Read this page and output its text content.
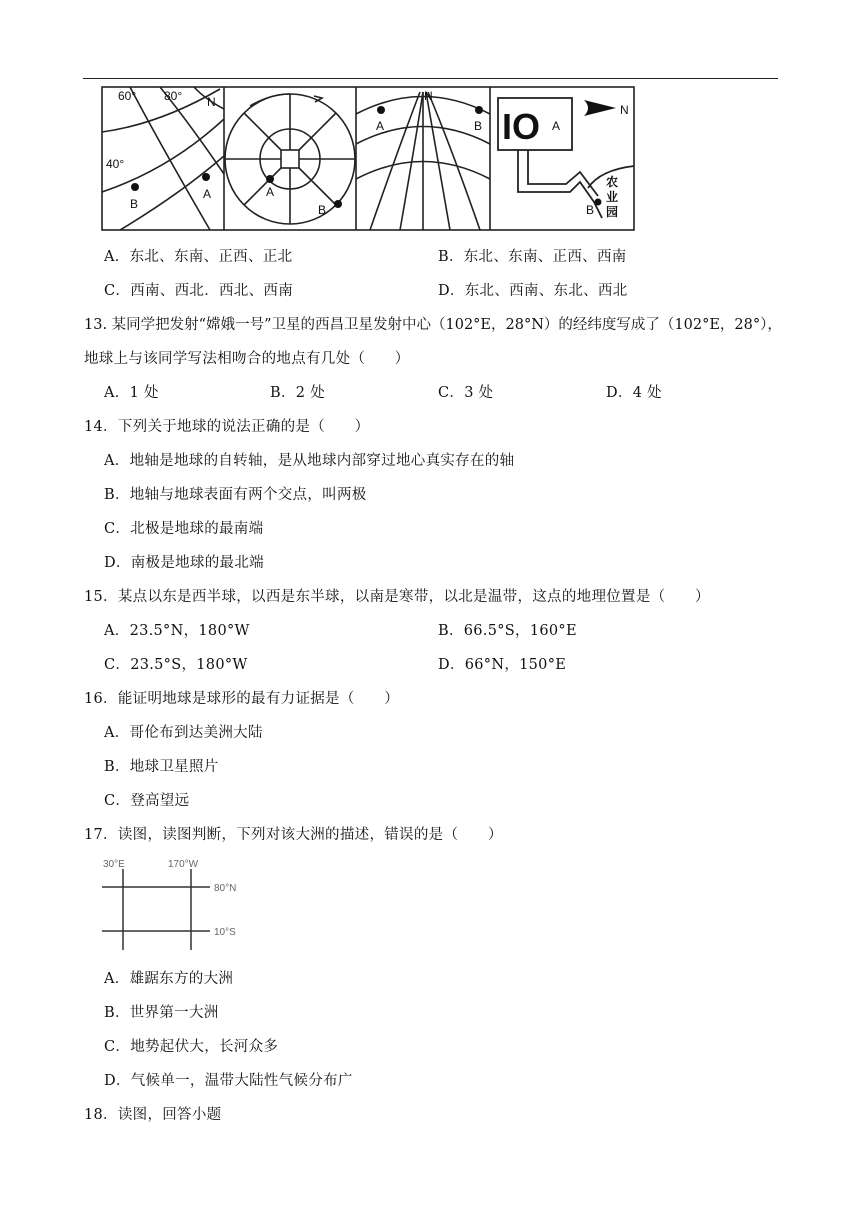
60° 80° N
40°
B
A	A
B
N
A	B IO A
N
B
农
业
园
A．东北、东南、正西、正北	B．东北、东南、正西、西南
C．西南、西北．西北、西南	D．东北、西南、东北、西北
13. 某同学把发射“嫦娥一号”卫星的西昌卫星发射中心（102°E，28°N）的经纬度写成了（102°E，28°），
地球上与该同学写法相吻合的地点有几处（　　）
A．1 处	B．2 处	C．3 处	D．4 处
14．下列关于地球的说法正确的是（　　）
A．地轴是地球的自转轴，是从地球内部穿过地心真实存在的轴
B．地轴与地球表面有两个交点，叫两极
C．北极是地球的最南端
D．南极是地球的最北端
15．某点以东是西半球，以西是东半球，以南是寒带，以北是温带，这点的地理位置是（　　）
A．23.5°N，180°W	B．66.5°S，160°E
C．23.5°S，180°W	D．66°N，150°E
16．能证明地球是球形的最有力证据是（　　）
A．哥伦布到达美洲大陆
B．地球卫星照片
C．登高望远
17．读图，读图判断，下列对该大洲的描述，错误的是（　　）
30°E	170°W
80°N
10°S
A．雄踞东方的大洲
B．世界第一大洲
C．地势起伏大，长河众多
D．气候单一，温带大陆性气候分布广
18．读图，回答小题
